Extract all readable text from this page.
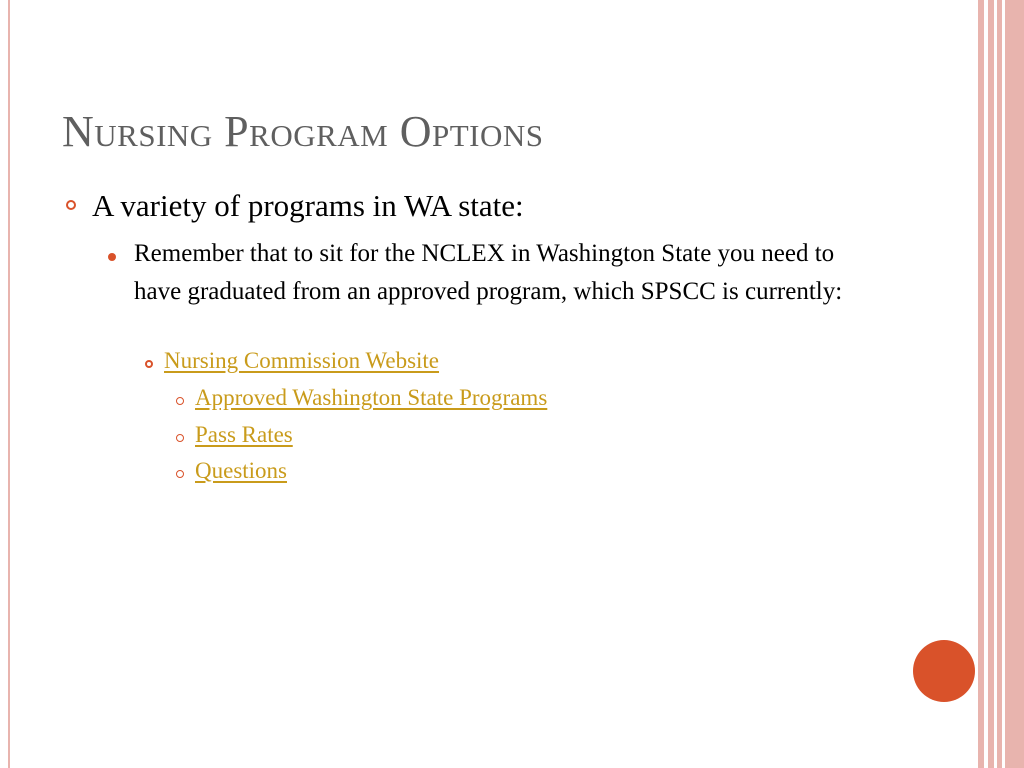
Nursing Program Options
A variety of programs in WA state:
Remember that to sit for the NCLEX in Washington State you need to have graduated from an approved program, which SPSCC is currently:
Nursing Commission Website
Approved Washington State Programs
Pass Rates
Questions
